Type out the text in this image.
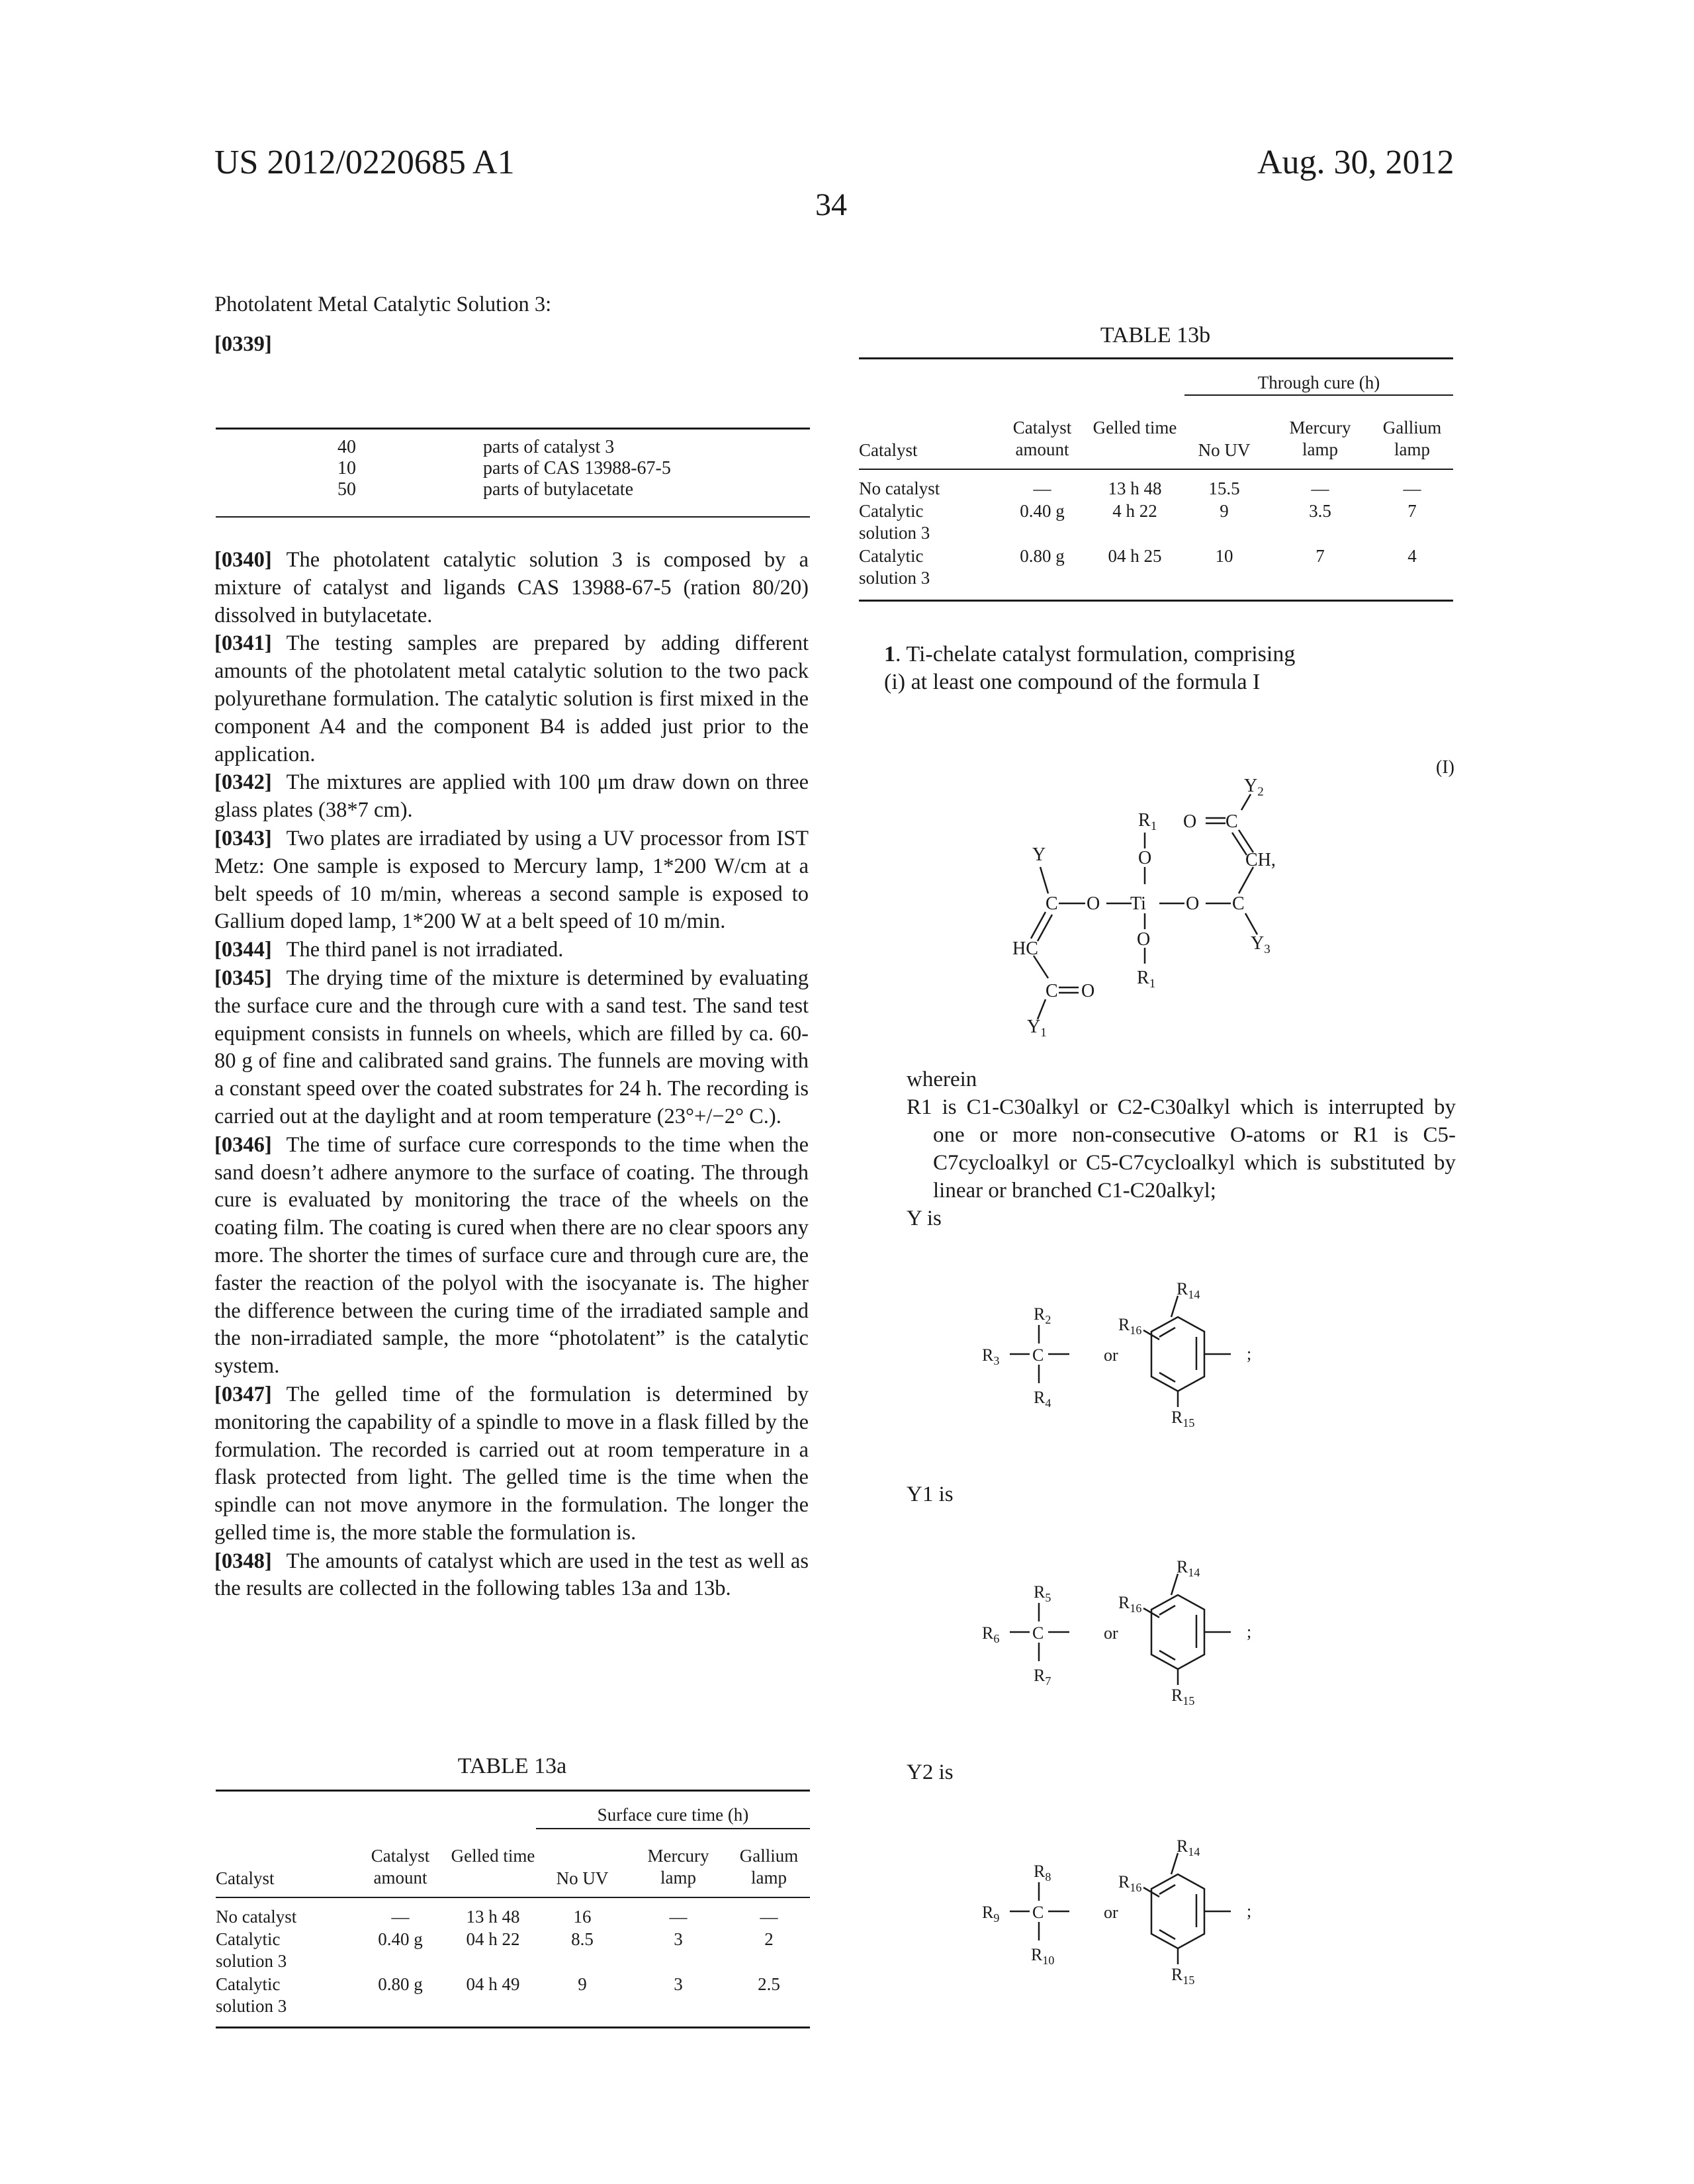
US 2012/0220685 A1	Aug. 30, 2012
34
Photolatent Metal Catalytic Solution 3:
[0339]
40
10
50
parts of catalyst 3
parts of CAS 13988-67-5
parts of butylacetate

[0340] The photolatent catalytic solution 3 is composed by a mixture of catalyst and ligands CAS 13988-67-5 (ration 80/20) dissolved in butylacetate.

[0341] The testing samples are prepared by adding different amounts of the photolatent metal catalytic solution to the two pack polyurethane formulation. The catalytic solution is first mixed in the component A4 and the component B4 is added just prior to the application.

[0342] The mixtures are applied with 100 μm draw down on three glass plates (38*7 cm).

[0343] Two plates are irradiated by using a UV processor from IST Metz: One sample is exposed to Mercury lamp, 1*200 W/cm at a belt speeds of 10 m/min, whereas a second sample is exposed to Gallium doped lamp, 1*200 W at a belt speed of 10 m/min.

[0344] The third panel is not irradiated.

[0345] The drying time of the mixture is determined by evaluating the surface cure and the through cure with a sand test. The sand test equipment consists in funnels on wheels, which are filled by ca. 60-80 g of fine and calibrated sand grains. The funnels are moving with a constant speed over the coated substrates for 24 h. The recording is carried out at the daylight and at room temperature (23°+/−2° C.).

[0346] The time of surface cure corresponds to the time when the sand doesn’t adhere anymore to the surface of coating. The through cure is evaluated by monitoring the trace of the wheels on the coating film. The coating is cured when there are no clear spoors any more. The shorter the times of surface cure and through cure are, the faster the reaction of the polyol with the isocyanate is. The higher the difference between the curing time of the irradiated sample and the non-irradiated sample, the more “photolatent” is the catalytic system.

[0347] The gelled time of the formulation is determined by monitoring the capability of a spindle to move in a flask filled by the formulation. The recorded is carried out at room temperature in a flask protected from light. The gelled time is the time when the spindle can not move anymore in the formulation. The longer the gelled time is, the more stable the formulation is.

[0348] The amounts of catalyst which are used in the test as well as the results are collected in the following tables 13a and 13b.

TABLE 13a
Surface cure time (h)
Catalyst
Catalyst amount
Gelled time
No UV
Mercury lamp
Gallium lamp
No catalyst	—	13 h 48	16	—	—
Catalytic solution 3
0.40 g	04 h 22	8.5	3	2
Catalytic solution 3
0.80 g	04 h 49	9	3	2.5
TABLE 13b
Through cure (h)
Catalyst
Catalyst amount
Gelled time
No UV
Mercury lamp
Gallium lamp
No catalyst	—	13 h 48	15.5	—	—
Catalytic solution 3
0.40 g	4 h 22	9	3.5	7
Catalytic solution 3
0.80 g	04 h 25	10	7	4
1. Ti-chelate catalyst formulation, comprising
(i) at least one compound of the formula I
(I)
R1
O
Ti
O
R1
O	O
C	C
Y
HC
C O
Y1
Y3
CH,
C
O
Y2
wherein
R1 is C1-C30alkyl or C2-C30alkyl which is interrupted by one or more non-consecutive O-atoms or R1 is C5-C7cycloalkyl or C5-C7cycloalkyl which is substituted by linear or branched C1-C20alkyl;
Y is
R2
R3 C
R4
or
R14
R16
R15
;
Y1 is
R5
R6 C
R7
or
R14
R16
R15
;
Y2 is
R8
R9 C
R10
or
R14
R16
R15
;
